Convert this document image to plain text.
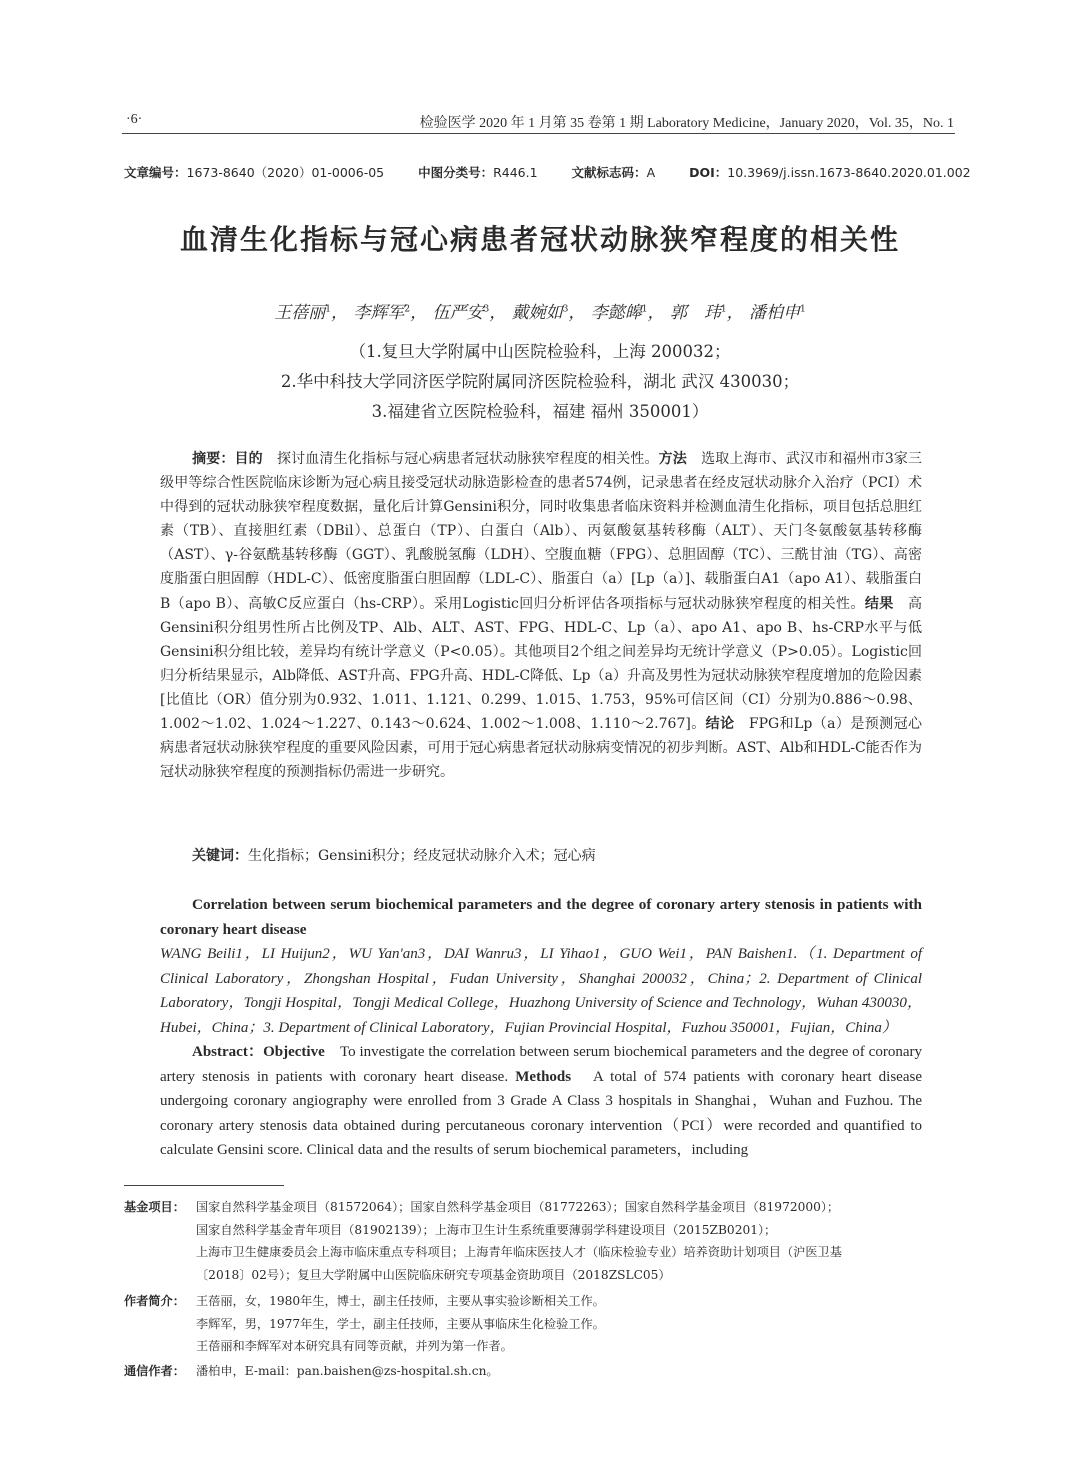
·6·	检验医学 2020 年 1 月第 35 卷第 1 期 Laboratory Medicine，January 2020，Vol. 35，No. 1
文章编号：1673-8640（2020）01-0006-05	中图分类号：R446.1	文献标志码：A	DOI：10.3969/j.issn.1673-8640.2020.01.002
血清生化指标与冠心病患者冠状动脉狭窄程度的相关性
王蓓丽$^1$， 李辉军$^2$， 伍严安$^3$， 戴婉如$^3$， 李懿皞$^1$， 郭　玮$^1$， 潘柏申$^1$
（1.复旦大学附属中山医院检验科，上海 200032；
2.华中科技大学同济医学院附属同济医院检验科，湖北 武汉 430030；
3.福建省立医院检验科，福建 福州 350001）
摘要：目的　 探讨血清生化指标与冠心病患者冠状动脉狭窄程度的相关性。方法　 选取上海市、武汉市和福州市3家三级甲等综合性医院临床诊断为冠心病且接受冠状动脉造影检查的患者574例，记录患者在经皮冠状动脉介入治疗（PCI）术中得到的冠状动脉狭窄程度数据，量化后计算Gensini积分，同时收集患者临床资料并检测血清生化指标，项目包括总胆红素（TB）、直接胆红素（DBil）、总蛋白（TP）、白蛋白（Alb）、丙氨酸氨基转移酶（ALT）、天门冬氨酸氨基转移酶（AST）、γ-谷氨酰基转移酶（GGT）、乳酸脱氢酶（LDH）、空腹血糖（FPG）、总胆固醇（TC）、三酰甘油（TG）、高密度脂蛋白胆固醇（HDL-C）、低密度脂蛋白胆固醇（LDL-C）、脂蛋白（a）[Lp（a）]、载脂蛋白A1（apo A1）、载脂蛋白B（apo B）、高敏C反应蛋白（hs-CRP）。采用Logistic回归分析评估各项指标与冠状动脉狭窄程度的相关性。结果　 高Gensini积分组男性所占比例及TP、Alb、ALT、AST、FPG、HDL-C、Lp（a）、apo A1、apo B、hs-CRP水平与低Gensini积分组比较，差异均有统计学意义（P<0.05）。其他项目2个组之间差异均无统计学意义（P>0.05）。Logistic回归分析结果显示，Alb降低、AST升高、FPG升高、HDL-C降低、Lp（a）升高及男性为冠状动脉狭窄程度增加的危险因素[比值比（OR）值分别为0.932、1.011、1.121、0.299、1.015、1.753，95%可信区间（CI）分别为0.886～0.98、1.002～1.02、1.024～1.227、0.143～0.624、1.002～1.008、1.110～2.767]。结论　 FPG和Lp（a）是预测冠心病患者冠状动脉狭窄程度的重要风险因素，可用于冠心病患者冠状动脉病变情况的初步判断。AST、Alb和HDL-C能否作为冠状动脉狭窄程度的预测指标仍需进一步研究。
关键词：生化指标；Gensini积分；经皮冠状动脉介入术；冠心病
Correlation between serum biochemical parameters and the degree of coronary artery stenosis in patients with coronary heart disease
WANG Beili1，LI Huijun2，WU Yan'an3，DAI Wanru3，LI Yihao1，GUO Wei1，PAN Baishen1.（1. Department of Clinical Laboratory，Zhongshan Hospital，Fudan University，Shanghai 200032，China；2. Department of Clinical Laboratory，Tongji Hospital，Tongji Medical College，Huazhong University of Science and Technology，Wuhan 430030，Hubei，China；3. Department of Clinical Laboratory，Fujian Provincial Hospital，Fuzhou 350001，Fujian，China）
Abstract：Objective　 To investigate the correlation between serum biochemical parameters and the degree of coronary artery stenosis in patients with coronary heart disease. Methods　 A total of 574 patients with coronary heart disease undergoing coronary angiography were enrolled from 3 Grade A Class 3 hospitals in Shanghai，Wuhan and Fuzhou. The coronary artery stenosis data obtained during percutaneous coronary intervention（PCI）were recorded and quantified to calculate Gensini score. Clinical data and the results of serum biochemical parameters，including
基金项目： 国家自然科学基金项目（81572064）；国家自然科学基金项目（81772263）；国家自然科学基金项目（81972000）；
国家自然科学基金青年项目（81902139）；上海市卫生计生系统重要薄弱学科建设项目（2015ZB0201）；
上海市卫生健康委员会上海市临床重点专科项目；上海青年临床医技人才（临床检验专业）培养资助计划项目（沪医卫基
〔2018〕02号）；复旦大学附属中山医院临床研究专项基金资助项目（2018ZSLC05）
作者简介： 王蓓丽，女，1980年生，博士，副主任技师，主要从事实验诊断相关工作。
李辉军，男，1977年生，学士，副主任技师，主要从事临床生化检验工作。
王蓓丽和李辉军对本研究具有同等贡献，并列为第一作者。
通信作者： 潘柏申，E-mail：pan.baishen@zs-hospital.sh.cn。
